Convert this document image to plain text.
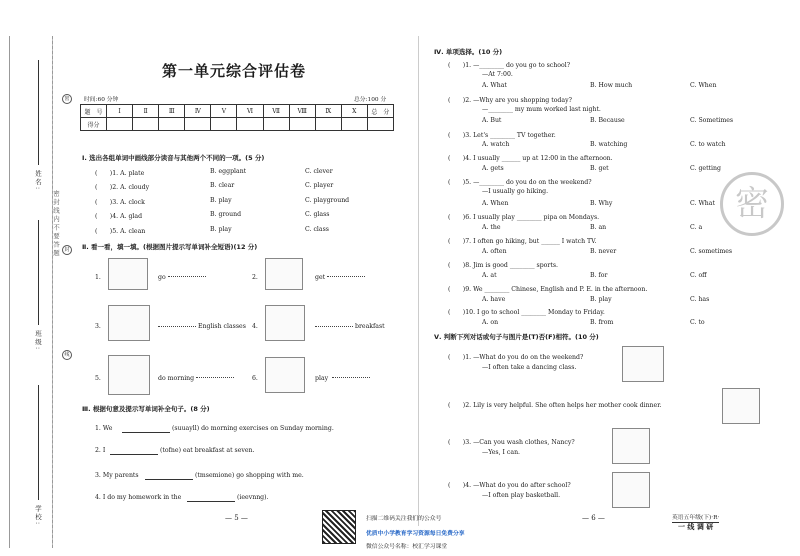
姓名:
班级:
学校:
密封线内不要答题
密
封
线
第一单元综合评估卷
时间:60 分钟	总分:100 分
题　号	Ⅰ	Ⅱ	Ⅲ	Ⅳ	Ⅴ	Ⅵ	Ⅶ	Ⅷ	Ⅸ	Ⅹ	总　分
得分											
Ⅰ. 选出各组单词中画线部分读音与其他两个不同的一项。(5 分)
(　　)1. A. plate	B. eggplant	C. clever
(　　)2. A. cloudy	B. clear	C. player
(　　)3. A. clock	B. play	C. playground
(　　)4. A. glad	B. ground	C. glass
(　　)5. A. clean	B. play	C. class
Ⅱ. 看一看，填一填。(根据图片提示写单词补全短语)(12 分)
1.	go	2.	get
3.	English classes 4.	breakfast
5.	do morning	6.	play
Ⅲ. 根据句意及提示写单词补全句子。(8 分)
1. We	(suuayll) do morning exercises on Sunday morning.
2. I	(tofne) eat breakfast at seven.
3. My parents	(tmsemione) go shopping with me.
4. I do my homework in the	(ieevnng).
— 5 —
Ⅳ. 单项选择。(10 分)
(　　)1. —________ do you go to school?
—At 7:00.
A. What	B. How much	C. When
(　　)2. —Why are you shopping today?
—________ my mum worked last night.
A. But	B. Because	C. Sometimes
(　　)3. Let's ________ TV together.
A. watch	B. watching	C. to watch
(　　)4. I usually ______ up at 12:00 in the afternoon.
A. gets	B. get	C. getting
(　　)5. —________ do you do on the weekend?
—I usually go hiking.
A. When	B. Why	C. What
(　　)6. I usually play ________ pipa on Mondays.
A. the	B. an	C. a
(　　)7. I often go hiking, but ______ I watch TV.
A. often	B. never	C. sometimes
(　　)8. Jim is good ________ sports.
A. at	B. for	C. off
(　　)9. We ________ Chinese, English and P. E. in the afternoon.
A. have	B. play	C. has
(　　)10. I go to school ________ Monday to Friday.
A. on	B. from	C. to
密
Ⅴ. 判断下列对话或句子与图片是(T)否(F)相符。(10 分)
(　　)1. —What do you do on the weekend?
—I often take a dancing class.
(　　)2. Lily is very helpful. She often helps her mother cook dinner.
(　　)3. —Can you wash clothes, Nancy?
—Yes, I can.
(　　)4. —What do you do after school?
—I often play basketball.
— 6 —	英语五年级(下)·R·
一 线 调 研
扫描二维码关注我们的公众号
优质中小学教育学习资源每日免费分享
微信公众号名称：校汇学习课堂
